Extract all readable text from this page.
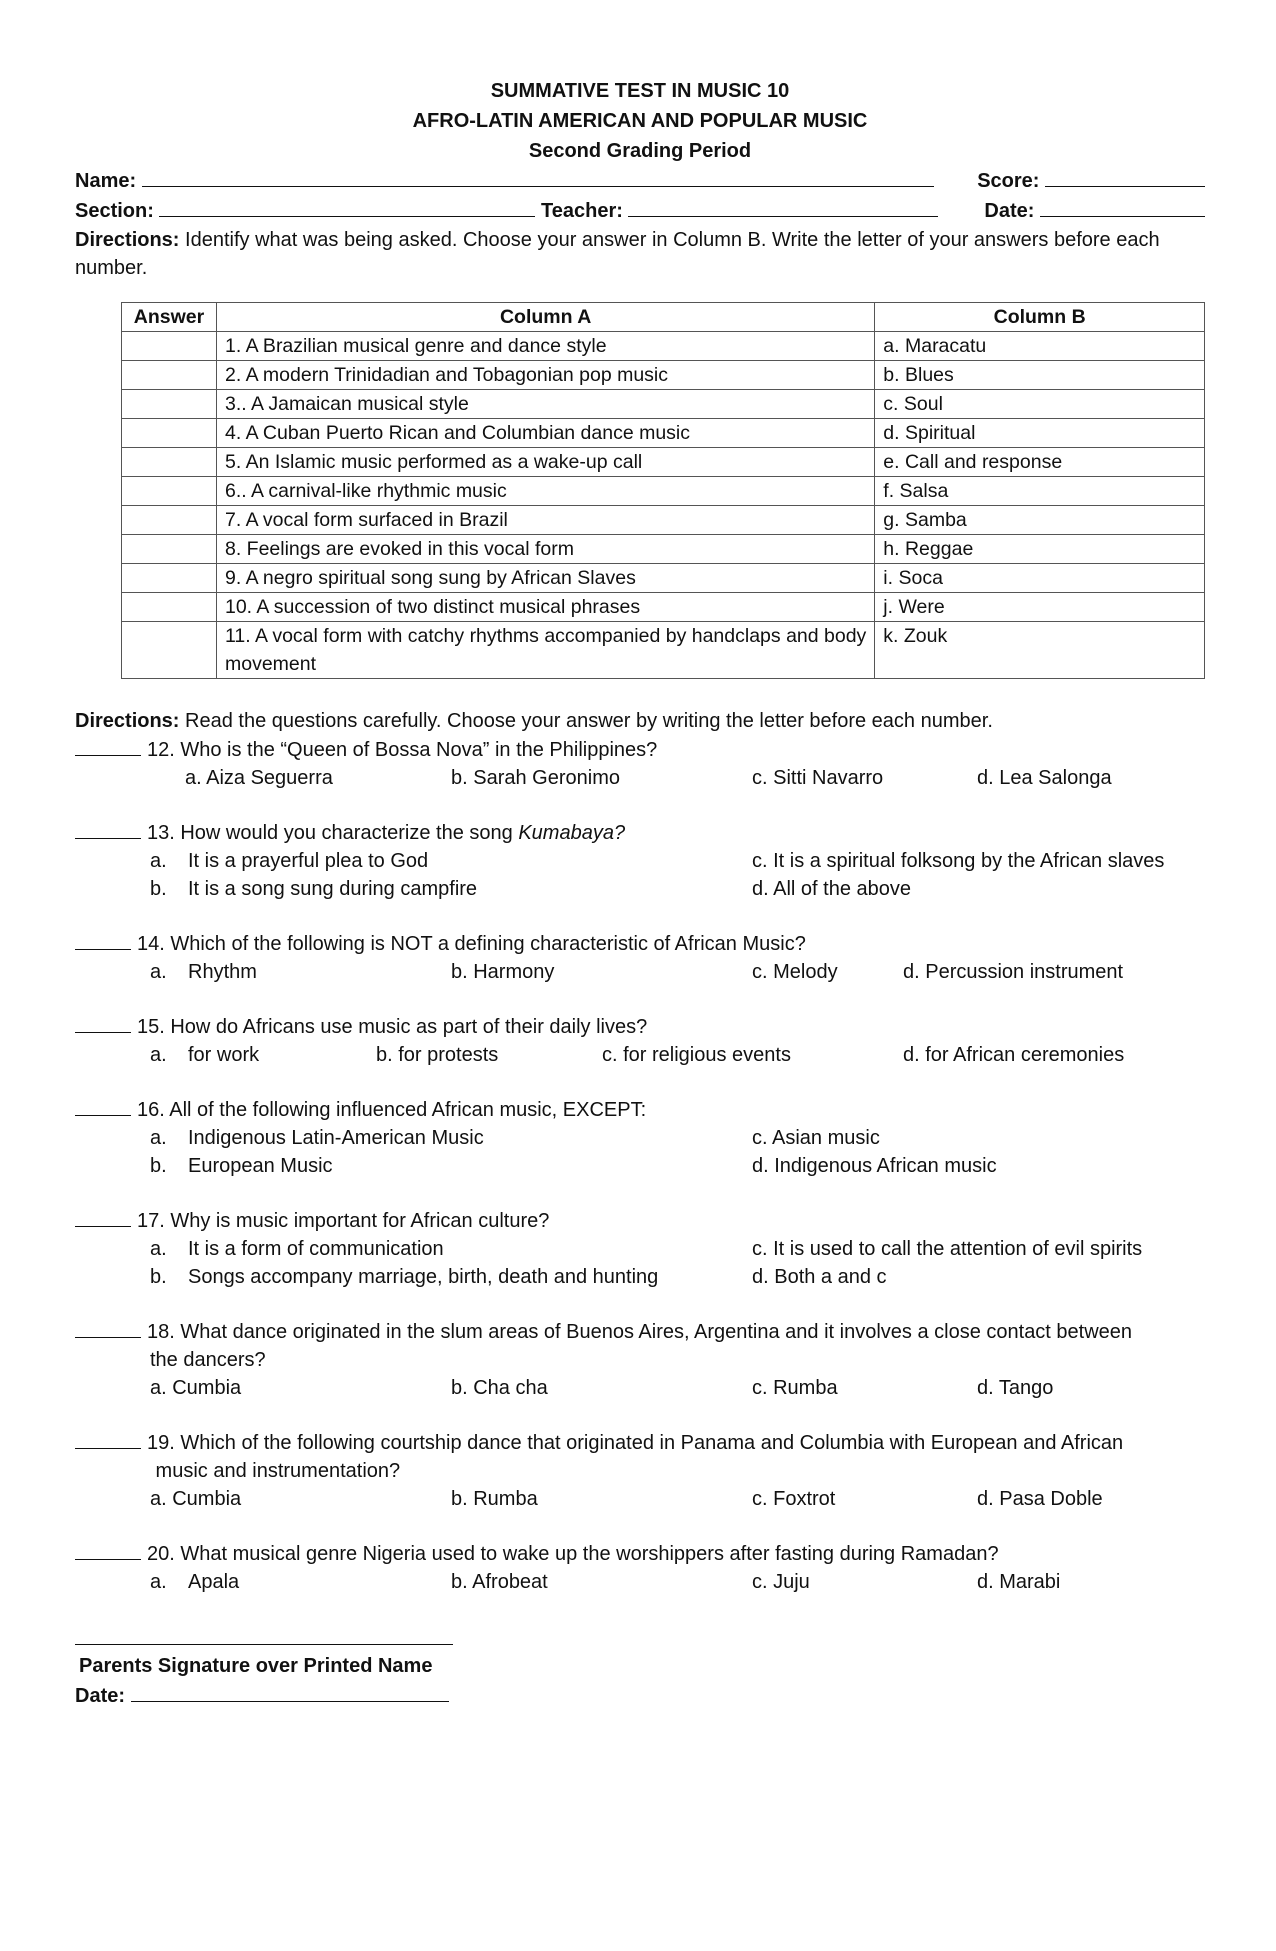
SUMMATIVE TEST IN MUSIC 10
AFRO-LATIN AMERICAN AND POPULAR MUSIC
Second Grading Period
Name:	Score:
Section:	Teacher:	Date:
Directions: Identify what was being asked. Choose your answer in Column B. Write the letter of your answers before each number.
Answer	Column A	Column B
	1. A Brazilian musical genre and dance style	a. Maracatu
	2. A modern Trinidadian and Tobagonian pop music	b. Blues
	3.. A Jamaican musical style	c. Soul
	4. A Cuban Puerto Rican and Columbian dance music	d. Spiritual
	5. An Islamic music performed as a wake-up call	e. Call and response
	6.. A carnival-like rhythmic music	f. Salsa
	7. A vocal form surfaced in Brazil	g. Samba
	8. Feelings are evoked in this vocal form	h. Reggae
	9. A negro spiritual song sung by African Slaves	i. Soca
	10. A succession of two distinct musical phrases	j. Were
	11. A vocal form with catchy rhythms accompanied by handclaps and body movement	k. Zouk
Directions: Read the questions carefully. Choose your answer by writing the letter before each number.
12. Who is the “Queen of Bossa Nova” in the Philippines?
a. Aiza Seguerra	b. Sarah Geronimo	c. Sitti Navarro	d. Lea Salonga
13. How would you characterize the song Kumabaya?
a. It is a prayerful plea to God	c. It is a spiritual folksong by the African slaves
b. It is a song sung during campfire	d. All of the above
14. Which of the following is NOT a defining characteristic of African Music?
a. Rhythm	b. Harmony	c. Melody	d. Percussion instrument
15. How do Africans use music as part of their daily lives?
a. for work	b. for protests	c. for religious events	d. for African ceremonies
16. All of the following influenced African music, EXCEPT:
a. Indigenous Latin-American Music	c. Asian music
b. European Music	d. Indigenous African music
17. Why is music important for African culture?
a. It is a form of communication	c. It is used to call the attention of evil spirits
b. Songs accompany marriage, birth, death and hunting	d. Both a and c
18. What dance originated in the slum areas of Buenos Aires, Argentina and it involves a close contact between
the dancers?
a. Cumbia	b. Cha cha	c. Rumba	d. Tango
19. Which of the following courtship dance that originated in Panama and Columbia with European and African
music and instrumentation?
a. Cumbia	b. Rumba	c. Foxtrot	d. Pasa Doble
20. What musical genre Nigeria used to wake up the worshippers after fasting during Ramadan?
a. Apala	b. Afrobeat	c. Juju	d. Marabi
Parents Signature over Printed Name
Date:
